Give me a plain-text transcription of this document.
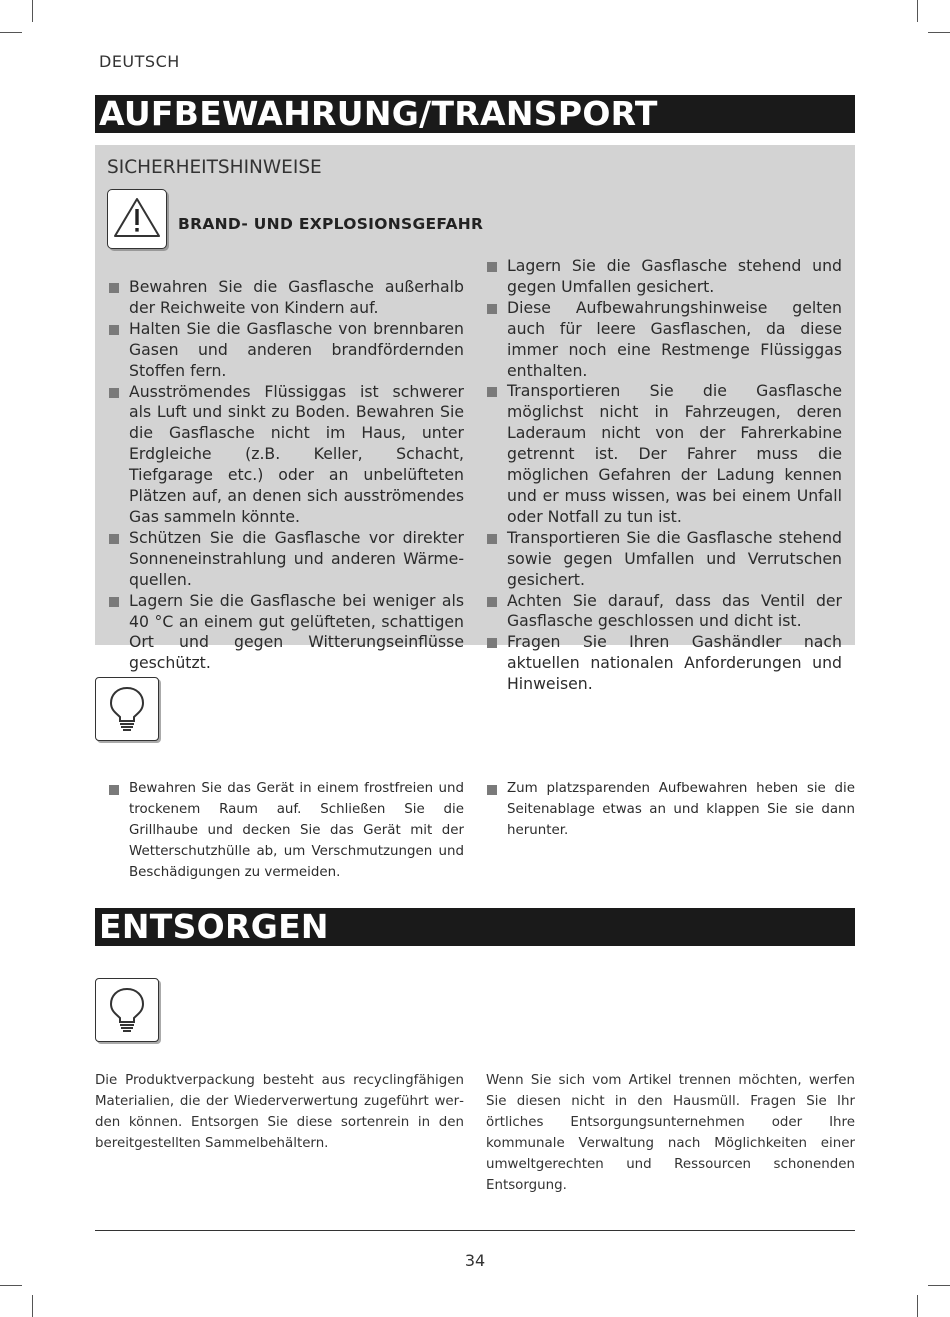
DEUTSCH
AUFBEWAHRUNG/TRANSPORT
SICHERHEITSHINWEISE
BRAND- UND EXPLOSIONSGEFAHR
Bewahren Sie die Gasflasche außerhalb der Reichweite von Kindern auf.
Halten Sie die Gasflasche von brennbaren Gasen und anderen brandfördernden Stoffen fern.
Ausströmendes Flüssiggas ist schwerer als Luft und sinkt zu Boden. Bewahren Sie die Gasflasche nicht im Haus, unter Erdgleiche (z.B. Keller, Schacht, Tiefgarage etc.) oder an unbelüfteten Plätzen auf, an denen sich ausströmendes Gas sammeln könnte.
Schützen Sie die Gasflasche vor direkter Sonneneinstrahlung und anderen Wärmequellen.
Lagern Sie die Gasflasche bei weniger als 40 °C an einem gut gelüfteten, schattigen Ort und gegen Witterungseinflüsse geschützt.
Lagern Sie die Gasflasche stehend und gegen Umfallen gesichert.
Diese Aufbewahrungshinweise gelten auch für leere Gasflaschen, da diese immer noch eine Restmenge Flüssiggas enthalten.
Transportieren Sie die Gasflasche möglichst nicht in Fahrzeugen, deren Laderaum nicht von der Fahrerkabine getrennt ist. Der Fahrer muss die möglichen Gefahren der Ladung kennen und er muss wissen, was bei einem Unfall oder Notfall zu tun ist.
Transportieren Sie die Gasflasche stehend sowie gegen Umfallen und Verrutschen gesichert.
Achten Sie darauf, dass das Ventil der Gasflasche geschlossen und dicht ist.
Fragen Sie Ihren Gashändler nach aktuellen nationalen Anforderungen und Hinweisen.
Bewahren Sie das Gerät in einem frostfreien und trockenem Raum auf. Schließen Sie die Grillhaube und decken Sie das Gerät mit der Wetterschutzhülle ab, um Verschmutzungen und Beschädigungen zu vermeiden.
Zum platzsparenden Aufbewahren heben sie die Seitenablage etwas an und klappen Sie sie dann herunter.
ENTSORGEN
Die Produktverpackung besteht aus recyclingfähigen Materialien, die der Wiederverwertung zugeführt werden können. Entsorgen Sie diese sortenrein in den bereitgestellten Sammelbehältern.
Wenn Sie sich vom Artikel trennen möchten, werfen Sie diesen nicht in den Hausmüll. Fragen Sie Ihr örtliches Entsorgungsunternehmen oder Ihre kommunale Verwaltung nach Möglichkeiten einer umweltgerechten und Ressourcen schonenden Entsorgung.
34
